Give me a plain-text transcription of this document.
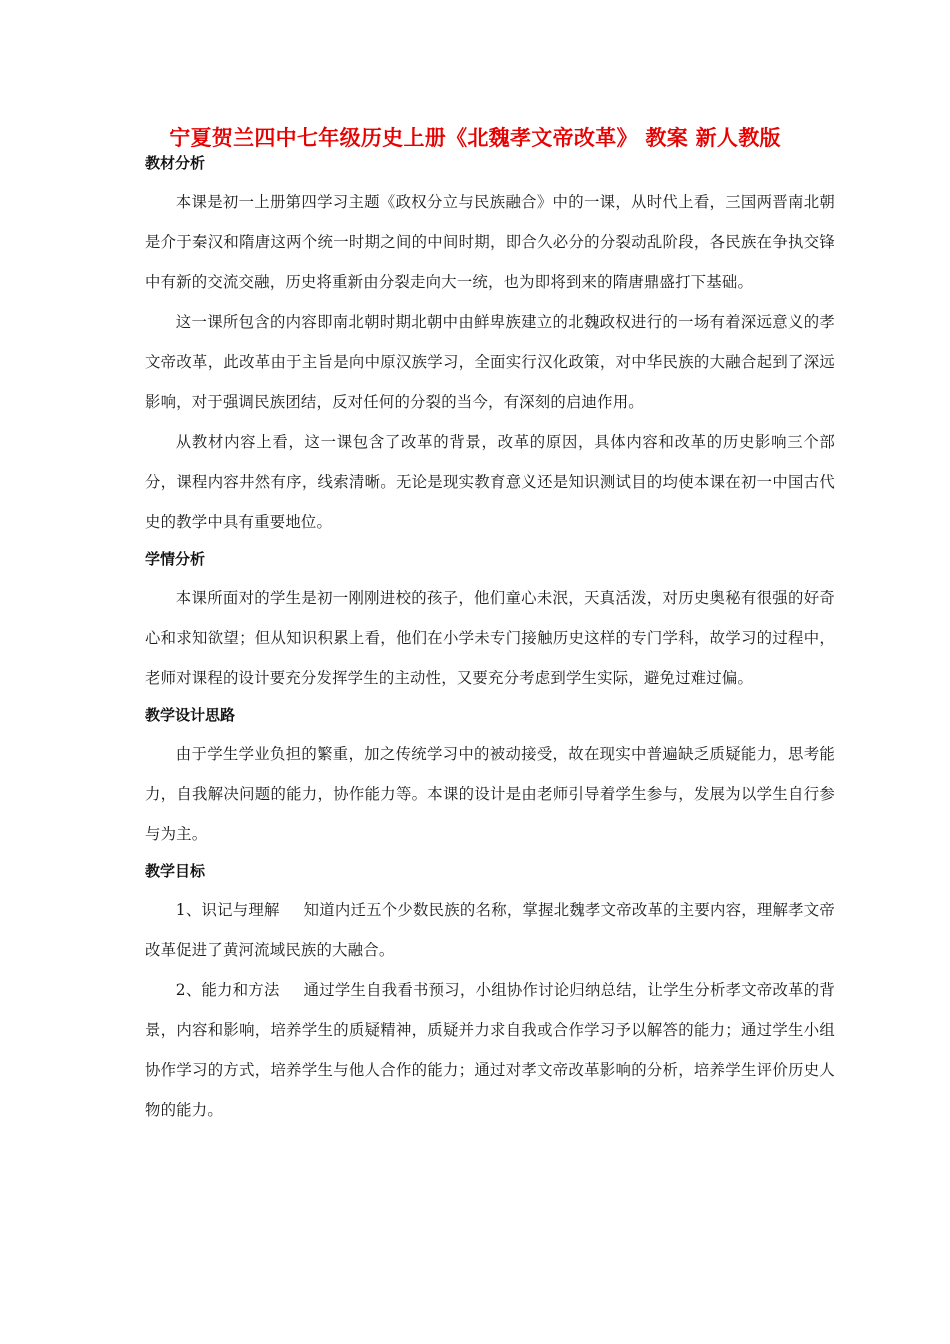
宁夏贺兰四中七年级历史上册《北魏孝文帝改革》 教案 新人教版
教材分析

本课是初一上册第四学习主题《政权分立与民族融合》中的一课，从时代上看，三国两晋南北朝是介于秦汉和隋唐这两个统一时期之间的中间时期，即合久必分的分裂动乱阶段，各民族在争执交锋中有新的交流交融，历史将重新由分裂走向大一统，也为即将到来的隋唐鼎盛打下基础。

这一课所包含的内容即南北朝时期北朝中由鲜卑族建立的北魏政权进行的一场有着深远意义的孝文帝改革，此改革由于主旨是向中原汉族学习，全面实行汉化政策，对中华民族的大融合起到了深远影响，对于强调民族团结，反对任何的分裂的当今，有深刻的启迪作用。

从教材内容上看，这一课包含了改革的背景，改革的原因，具体内容和改革的历史影响三个部分，课程内容井然有序，线索清晰。无论是现实教育意义还是知识测试目的均使本课在初一中国古代史的教学中具有重要地位。

学情分析

本课所面对的学生是初一刚刚进校的孩子，他们童心未泯，天真活泼，对历史奥秘有很强的好奇心和求知欲望；但从知识积累上看，他们在小学未专门接触历史这样的专门学科，故学习的过程中，老师对课程的设计要充分发挥学生的主动性，又要充分考虑到学生实际，避免过难过偏。

教学设计思路

由于学生学业负担的繁重，加之传统学习中的被动接受，故在现实中普遍缺乏质疑能力，思考能力，自我解决问题的能力，协作能力等。本课的设计是由老师引导着学生参与，发展为以学生自行参与为主。

教学目标

1、识记与理解 知道内迁五个少数民族的名称，掌握北魏孝文帝改革的主要内容，理解孝文帝改革促进了黄河流域民族的大融合。

2、能力和方法 通过学生自我看书预习，小组协作讨论归纳总结，让学生分析孝文帝改革的背景，内容和影响，培养学生的质疑精神，质疑并力求自我或合作学习予以解答的能力；通过学生小组协作学习的方式，培养学生与他人合作的能力；通过对孝文帝改革影响的分析，培养学生评价历史人物的能力。
